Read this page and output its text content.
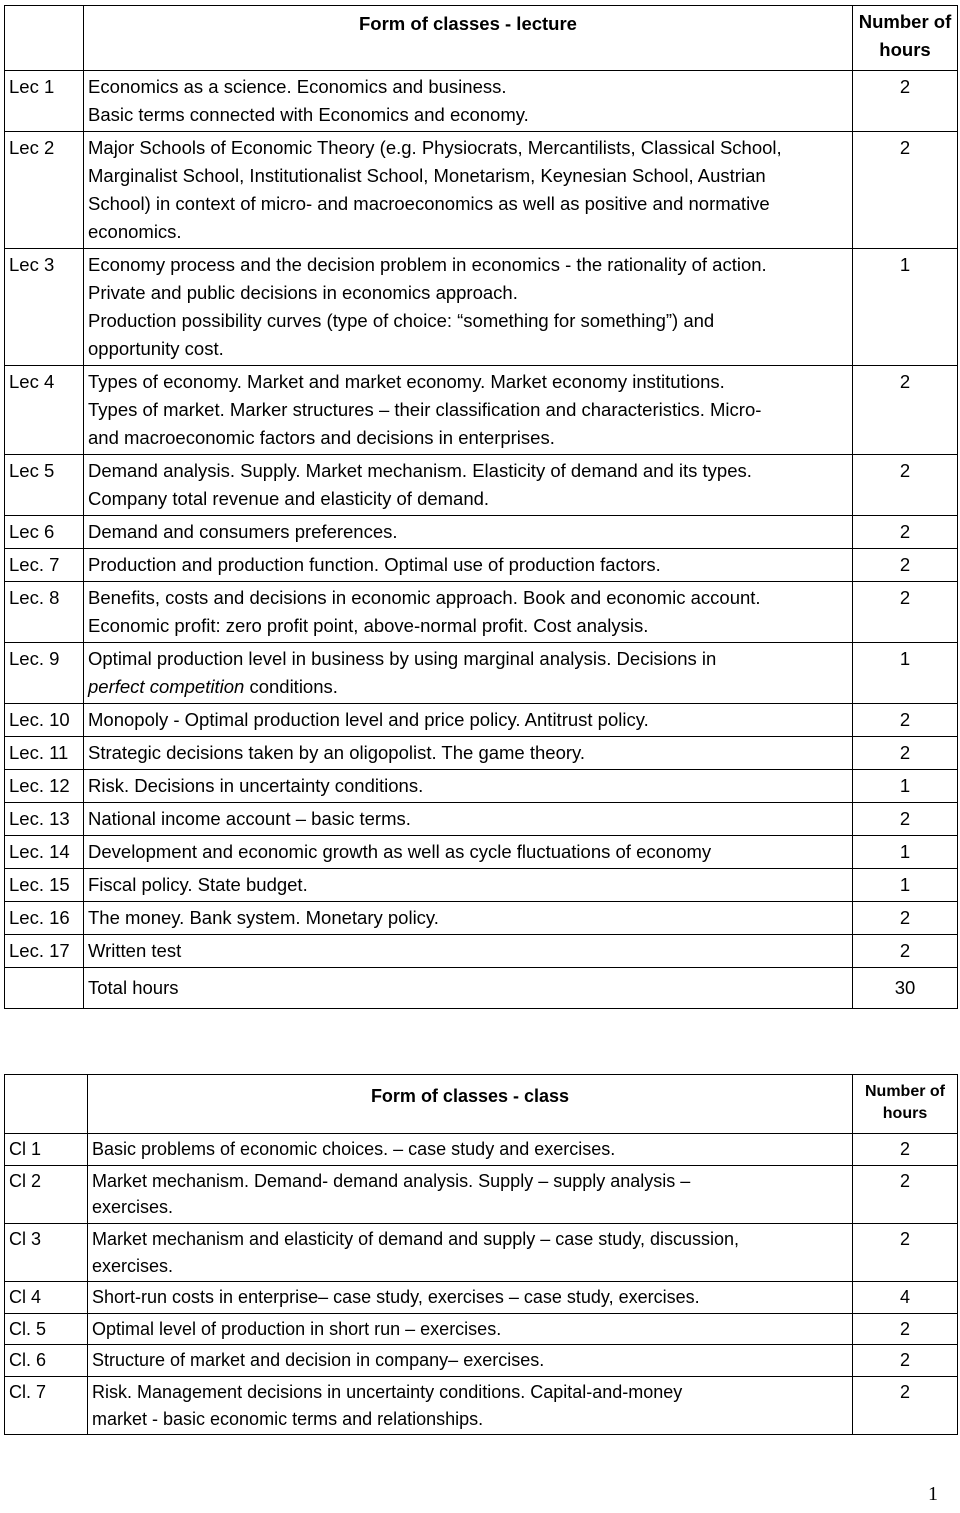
	Form of classes - lecture	Number of
hours

Lec 1	Economics as a science. Economics and business.
Basic terms connected with Economics and economy.	2
Lec 2	Major Schools of Economic Theory (e.g. Physiocrats, Mercantilists, Classical School,
Marginalist School, Institutionalist School, Monetarism, Keynesian School, Austrian
School) in context of micro- and macroeconomics as well as positive and normative
economics.	2
Lec 3	Economy process and the decision problem in economics - the rationality of action.
Private and public decisions in economics approach.
Production possibility curves (type of choice: “something for something”) and
opportunity cost.	1
Lec 4	Types of economy. Market and market economy. Market economy institutions.
Types of market. Marker structures – their classification and characteristics. Micro-
and macroeconomic factors and decisions in enterprises.	2
Lec 5	Demand analysis. Supply. Market mechanism. Elasticity of demand and its types.
Company total revenue and elasticity of demand.	2
Lec 6	Demand and consumers preferences.	2
Lec. 7	Production and production function. Optimal use of production factors.	2
Lec. 8	Benefits, costs and decisions in economic approach. Book and economic account.
Economic profit: zero profit point, above-normal profit. Cost analysis.	2
Lec. 9	Optimal production level in business by using marginal analysis. Decisions in
perfect competition conditions.	1
Lec. 10	Monopoly - Optimal production level and price policy. Antitrust policy.	2
Lec. 11	Strategic decisions taken by an oligopolist. The game theory.	2
Lec. 12	Risk. Decisions in uncertainty conditions.	1
Lec. 13	National income account – basic terms.	2
Lec. 14	Development and economic growth as well as cycle fluctuations of economy	1
Lec. 15	Fiscal policy. State budget.	1
Lec. 16	The money. Bank system. Monetary policy.	2
Lec. 17	Written test	2
	Total hours	30
	Form of classes - class	Number of
hours

Cl 1	Basic problems of economic choices. – case study and exercises.	2
Cl 2	Market mechanism. Demand- demand analysis. Supply – supply analysis –
exercises.	2
Cl 3	Market mechanism and elasticity of demand and supply – case study, discussion,
exercises.	2
Cl 4	Short-run costs in enterprise– case study, exercises – case study, exercises.	4
Cl. 5	Optimal level of production in short run – exercises.	2
Cl. 6	Structure of market and decision in company– exercises.	2
Cl. 7	Risk. Management decisions in uncertainty conditions. Capital-and-money
market - basic economic terms and relationships.	2
1
